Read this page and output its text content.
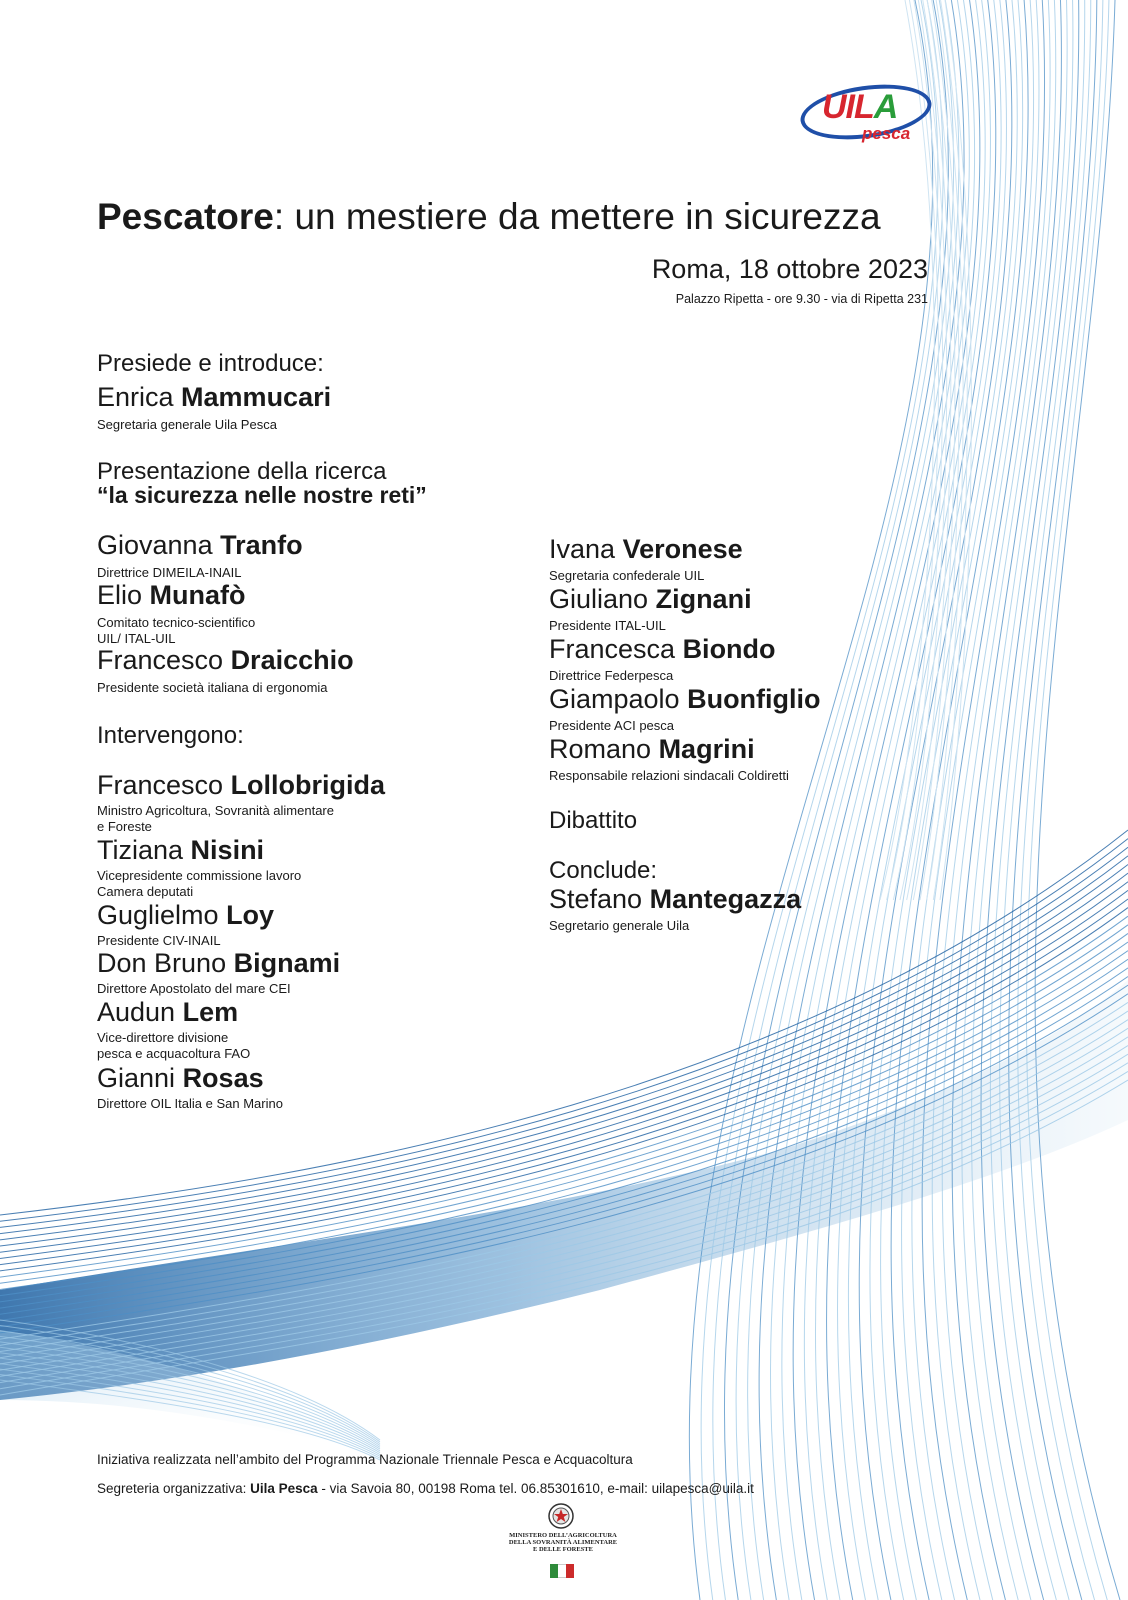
UILA
pesca
Pescatore: un mestiere da mettere in sicurezza
Roma, 18 ottobre 2023
Palazzo Ripetta - ore 9.30 - via di Ripetta 231
Presiede e introduce:
Enrica Mammucari
Segretaria generale Uila Pesca
Presentazione della ricerca
“la sicurezza nelle nostre reti”
Giovanna Tranfo
Direttrice DIMEILA-INAIL
Elio Munafò
Comitato tecnico-scientifico
UIL/ ITAL-UIL
Francesco Draicchio
Presidente società italiana di ergonomia
Intervengono:
Francesco Lollobrigida
Ministro Agricoltura, Sovranità alimentare
e Foreste
Tiziana Nisini
Vicepresidente commissione lavoro
Camera deputati
Guglielmo Loy
Presidente CIV-INAIL
Don Bruno Bignami
Direttore Apostolato del mare CEI
Audun Lem
Vice-direttore divisione
pesca e acquacoltura FAO
Gianni Rosas
Direttore OIL Italia e San Marino
Ivana Veronese
Segretaria confederale UIL
Giuliano Zignani
Presidente ITAL-UIL
Francesca Biondo
Direttrice Federpesca
Giampaolo Buonfiglio
Presidente ACI pesca
Romano Magrini
Responsabile relazioni sindacali Coldiretti
Dibattito
Conclude:
Stefano Mantegazza
Segretario generale Uila
Iniziativa realizzata nell’ambito del Programma Nazionale Triennale Pesca e Acquacoltura
Segreteria organizzativa: Uila Pesca - via Savoia 80, 00198 Roma tel. 06.85301610, e-mail: uilapesca@uila.it
MINISTERO DELL’AGRICOLTURA
DELLA SOVRANITÀ ALIMENTARE
E DELLE FORESTE
